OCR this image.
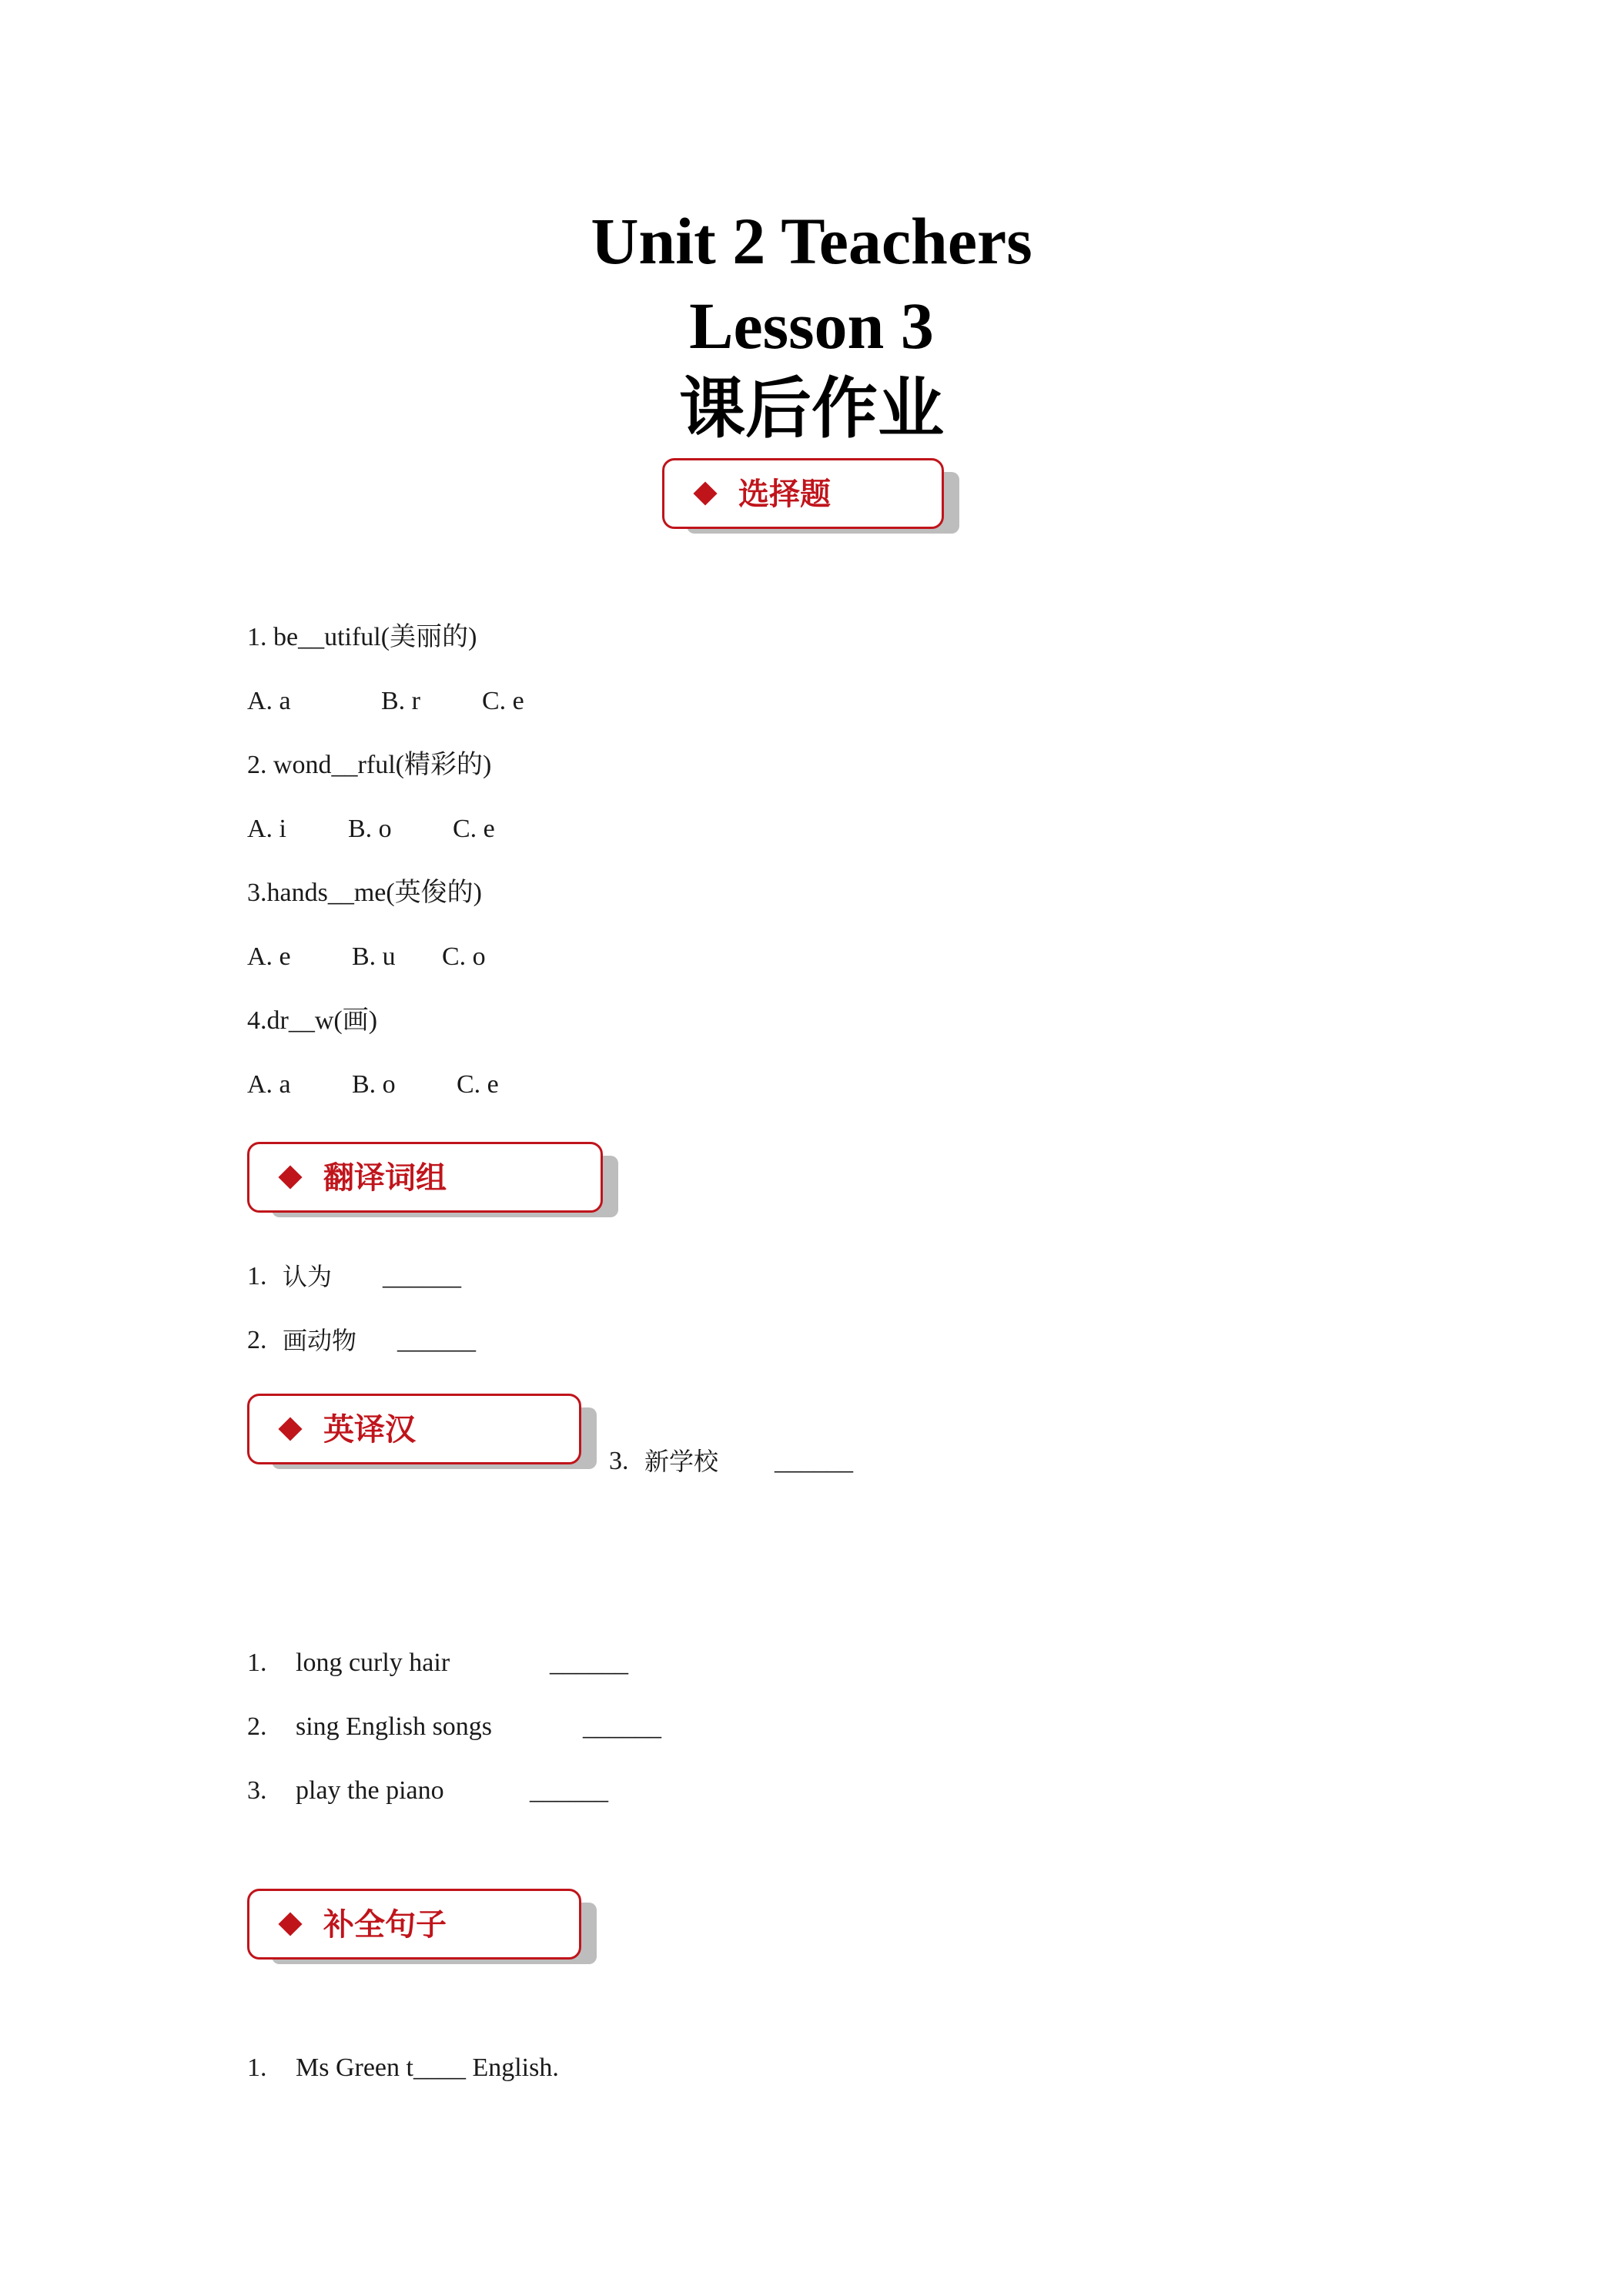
Unit 2 Teachers
Lesson 3
课后作业
选择题
1. be__utiful(美丽的)
A. a	B. r C. e
2. wond__rful(精彩的)
A. i B. o C. e
3.hands__me(英俊的)
A. e B. u C. o
4.dr__w(画)
A. a B. o C. e
翻译词组
1. 认为 ______
2. 画动物 ______
英译汉
3. 新学校 ______
1. long curly hair	______
2. sing English songs	______
3. play the piano	______
补全句子
1. Ms Green t____ English.
